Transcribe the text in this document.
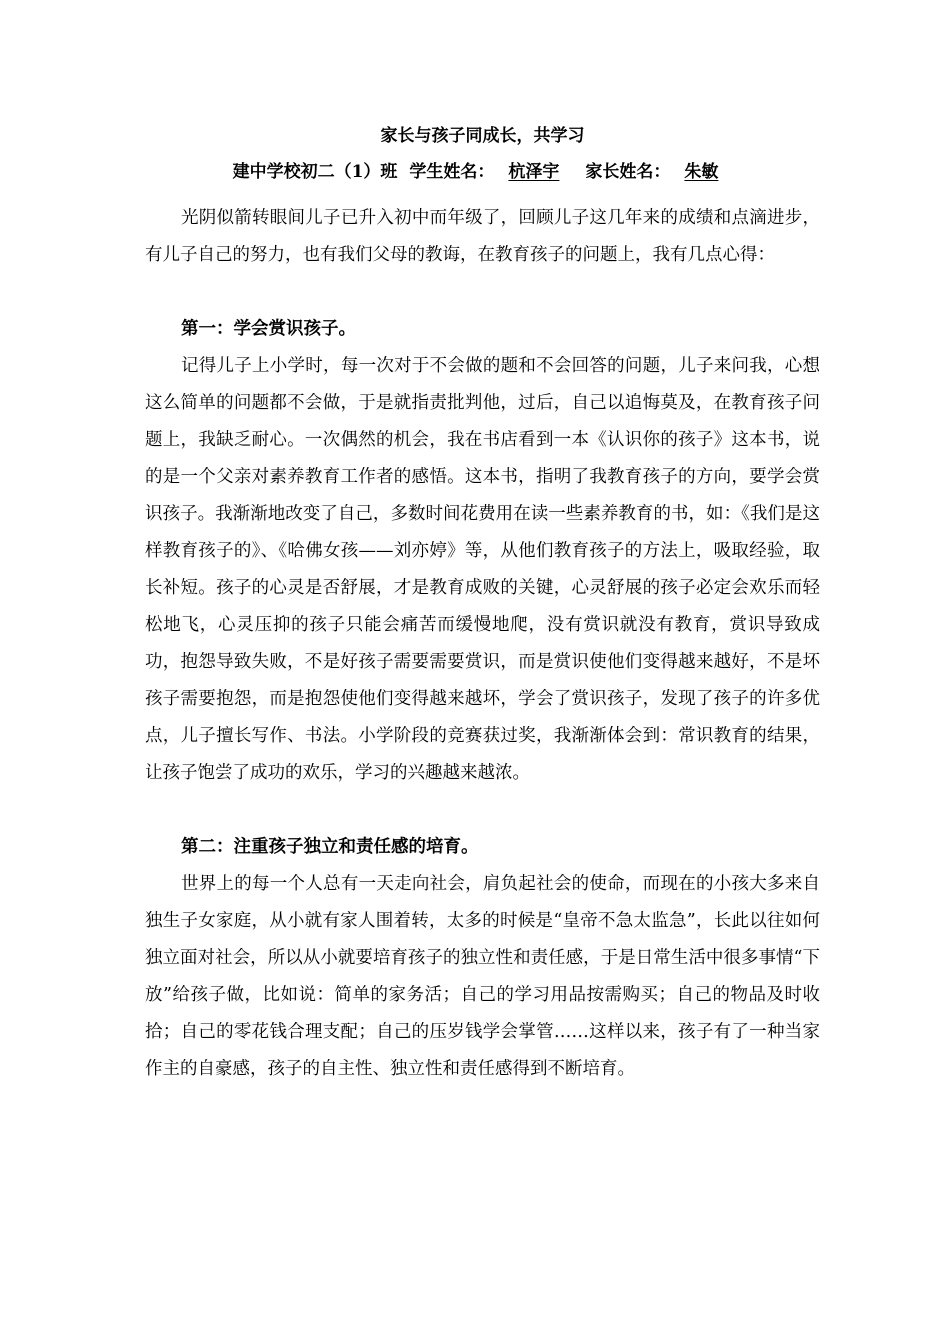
家长与孩子同成长，共学习
建中学校初二（1）班 学生姓名： 杭泽宇 家长姓名： 朱敏

光阴似箭转眼间儿子已升入初中而年级了，回顾儿子这几年来的成绩和点滴进步，有儿子自己的努力，也有我们父母的教诲，在教育孩子的问题上，我有几点心得：

第一：学会赏识孩子。

记得儿子上小学时，每一次对于不会做的题和不会回答的问题，儿子来问我，心想这么简单的问题都不会做，于是就指责批判他，过后，自己以追悔莫及，在教育孩子问题上，我缺乏耐心。一次偶然的机会，我在书店看到一本《认识你的孩子》这本书，说的是一个父亲对素养教育工作者的感悟。这本书，指明了我教育孩子的方向，要学会赏识孩子。我渐渐地改变了自己，多数时间花费用在读一些素养教育的书，如：《我们是这样教育孩子的》、《哈佛女孩——刘亦婷》等，从他们教育孩子的方法上，吸取经验，取长补短。孩子的心灵是否舒展，才是教育成败的关键，心灵舒展的孩子必定会欢乐而轻松地飞，心灵压抑的孩子只能会痛苦而缓慢地爬，没有赏识就没有教育，赏识导致成功，抱怨导致失败，不是好孩子需要需要赏识，而是赏识使他们变得越来越好，不是坏孩子需要抱怨，而是抱怨使他们变得越来越坏，学会了赏识孩子，发现了孩子的许多优点，儿子擅长写作、书法。小学阶段的竞赛获过奖，我渐渐体会到：常识教育的结果，让孩子饱尝了成功的欢乐，学习的兴趣越来越浓。

第二：注重孩子独立和责任感的培育。

世界上的每一个人总有一天走向社会，肩负起社会的使命，而现在的小孩大多来自独生子女家庭，从小就有家人围着转，太多的时候是“皇帝不急太监急”，长此以往如何独立面对社会，所以从小就要培育孩子的独立性和责任感，于是日常生活中很多事情“下放”给孩子做，比如说：简单的家务活；自己的学习用品按需购买；自己的物品及时收拾；自己的零花钱合理支配；自己的压岁钱学会掌管……这样以来，孩子有了一种当家作主的自豪感，孩子的自主性、独立性和责任感得到不断培育。
